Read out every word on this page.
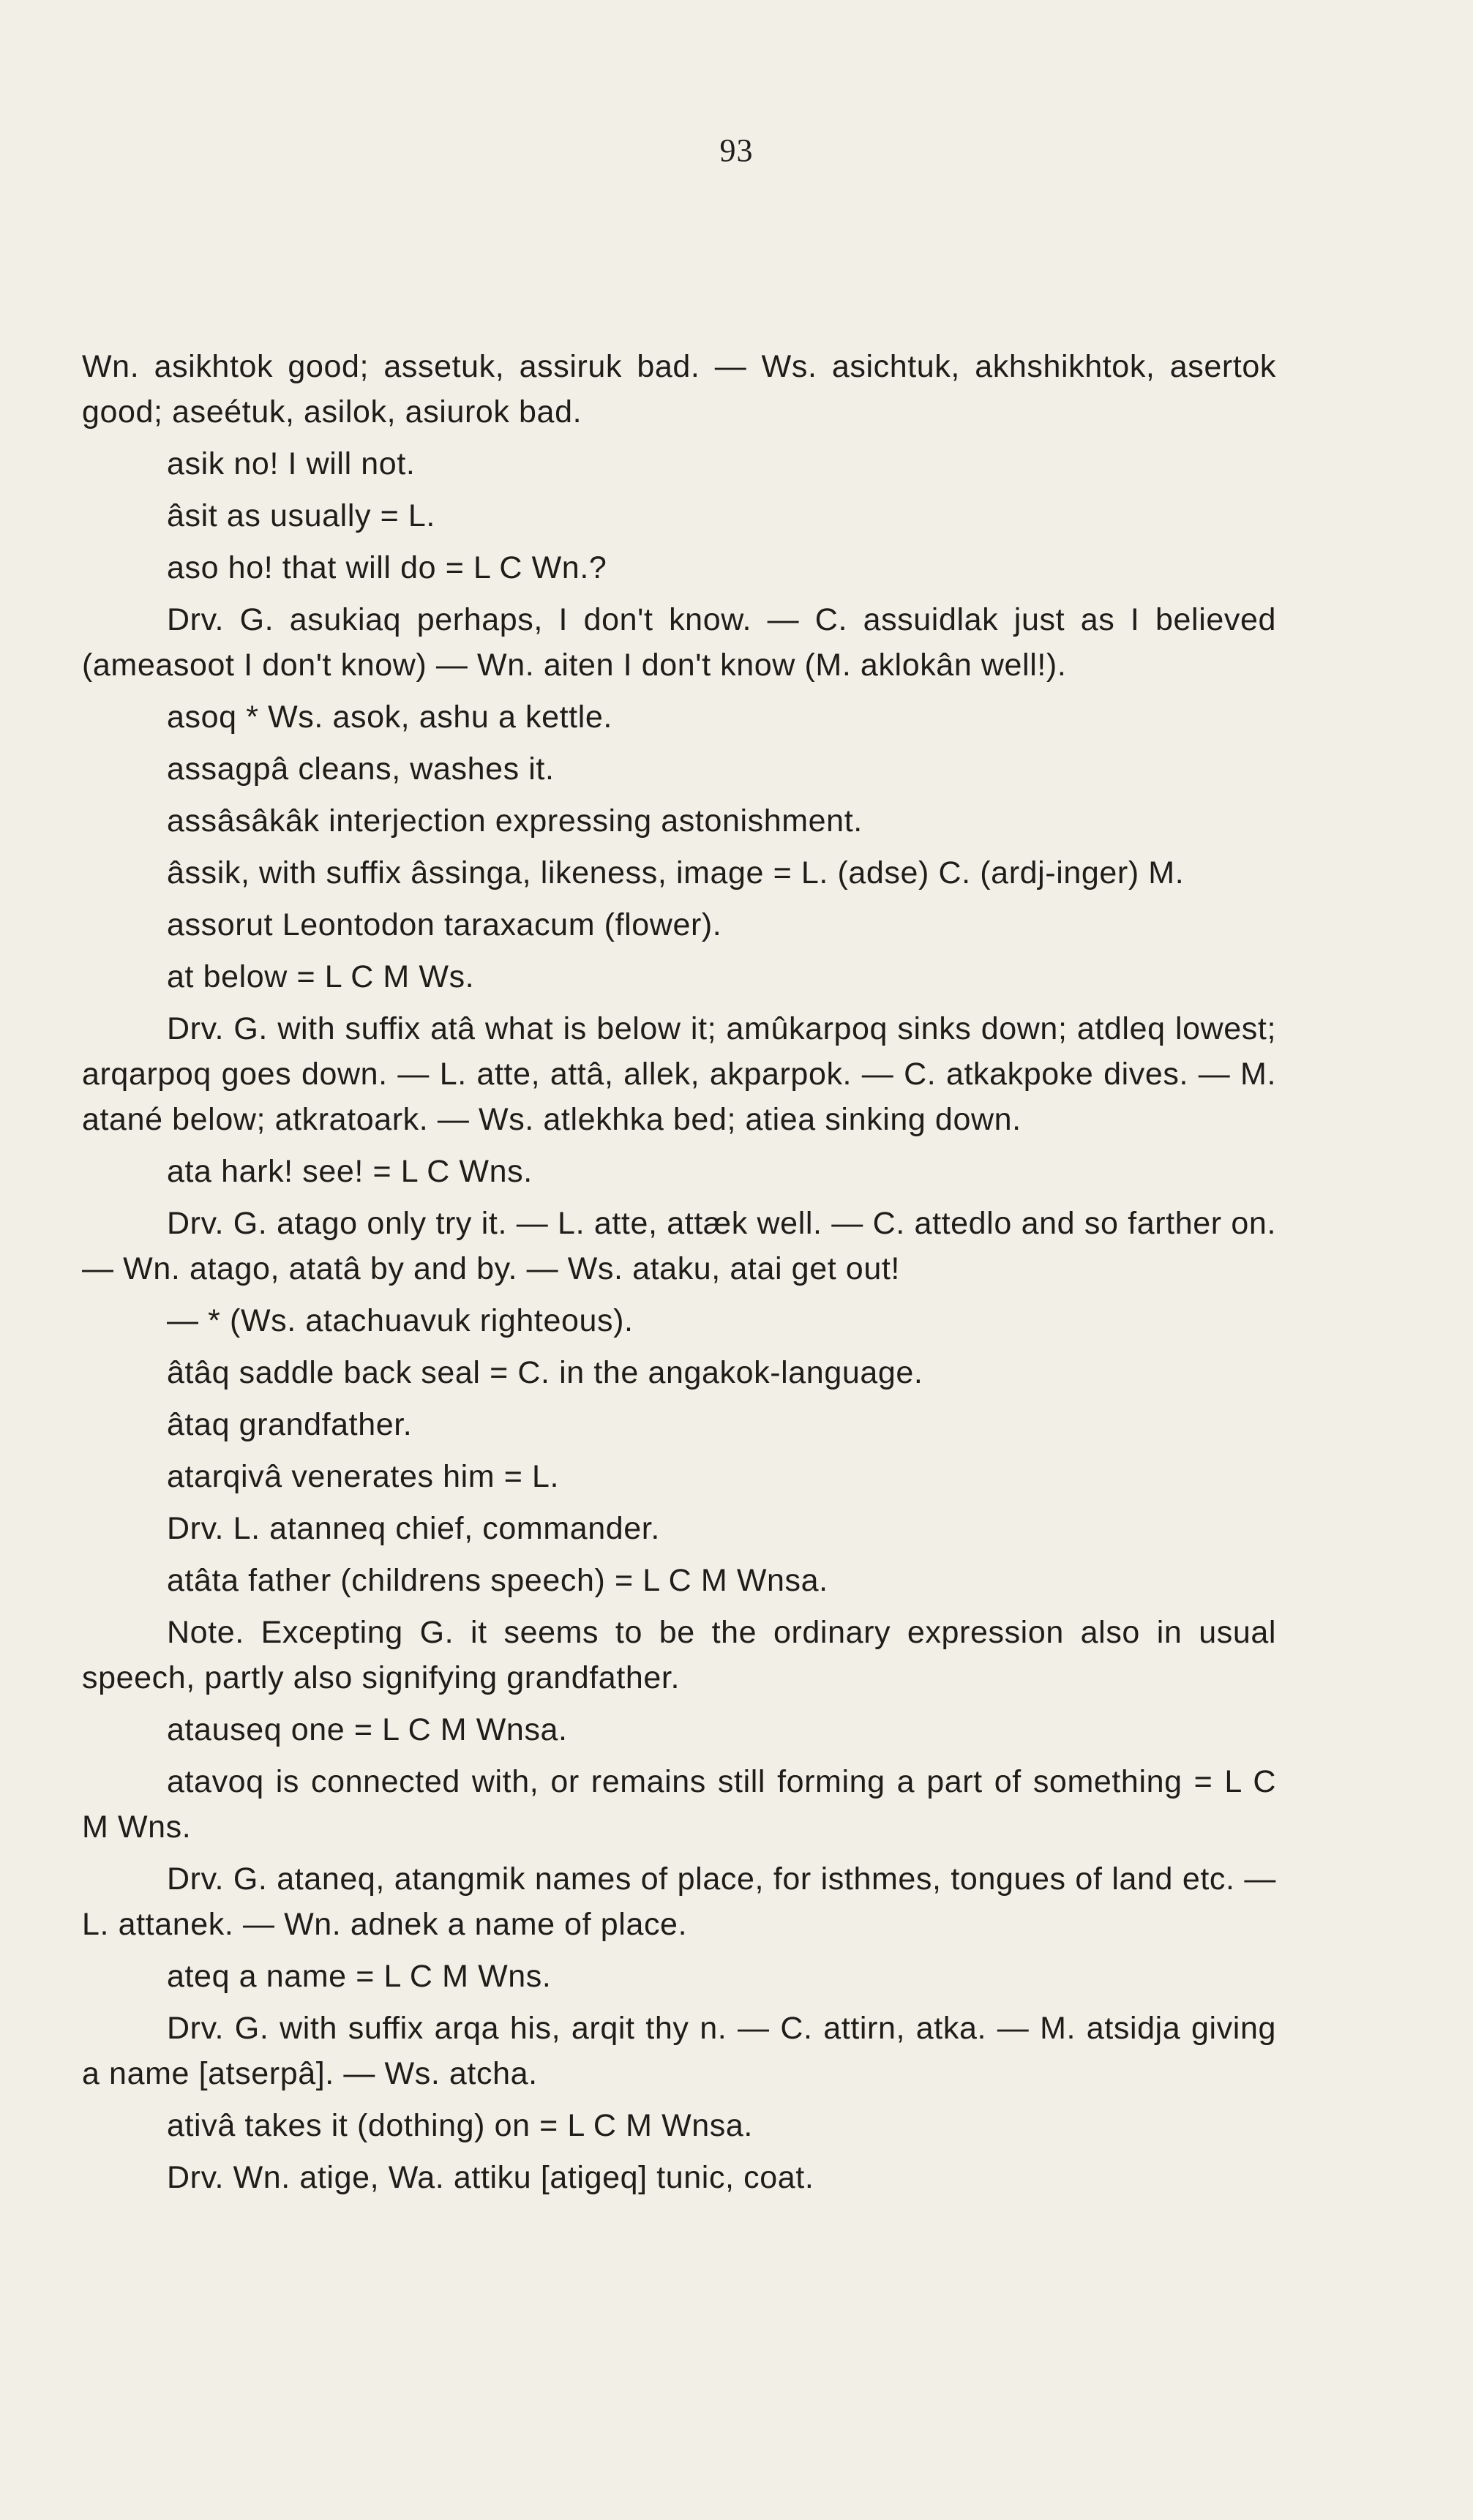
93

Wn. asikhtok good; assetuk, assiruk bad. — Ws. asichtuk, akhshikhtok, asertok good; aseétuk, asilok, asiurok bad.

asik no! I will not.

âsit as usually = L.

aso ho! that will do = L C Wn.?

Drv. G. asukiaq perhaps, I don't know. — C. assuidlak just as I believed (ameasoot I don't know) — Wn. aiten I don't know (M. aklokân well!).

asoq * Ws. asok, ashu a kettle.

assagpâ cleans, washes it.

assâsâkâk interjection expressing astonishment.

âssik, with suffix âssinga, likeness, image = L. (adse) C. (ardj-inger) M.

assorut Leontodon taraxacum (flower).

at below = L C M Ws.

Drv. G. with suffix atâ what is below it; amûkarpoq sinks down; atdleq lowest; arqarpoq goes down. — L. atte, attâ, allek, akparpok. — C. atkakpoke dives. — M. atané below; atkratoark. — Ws. atlekhka bed; atiea sinking down.

ata hark! see! = L C Wns.

Drv. G. atago only try it. — L. atte, attæk well. — C. attedlo and so farther on. — Wn. atago, atatâ by and by. — Ws. ataku, atai get out!

— * (Ws. atachuavuk righteous).

âtâq saddle back seal = C. in the angakok-language.

âtaq grandfather.

atarqivâ venerates him = L.

Drv. L. atanneq chief, commander.

atâta father (childrens speech) = L C M Wnsa.

Note. Excepting G. it seems to be the ordinary expression also in usual speech, partly also signifying grandfather.

atauseq one = L C M Wnsa.

atavoq is connected with, or remains still forming a part of something = L C M Wns.

Drv. G. ataneq, atangmik names of place, for isthmes, tongues of land etc. — L. attanek. — Wn. adnek a name of place.

ateq a name = L C M Wns.

Drv. G. with suffix arqa his, arqit thy n. — C. attirn, atka. — M. atsidja giving a name [atserpâ]. — Ws. atcha.

ativâ takes it (dothing) on = L C M Wnsa.

Drv. Wn. atige, Wa. attiku [atigeq] tunic, coat.
